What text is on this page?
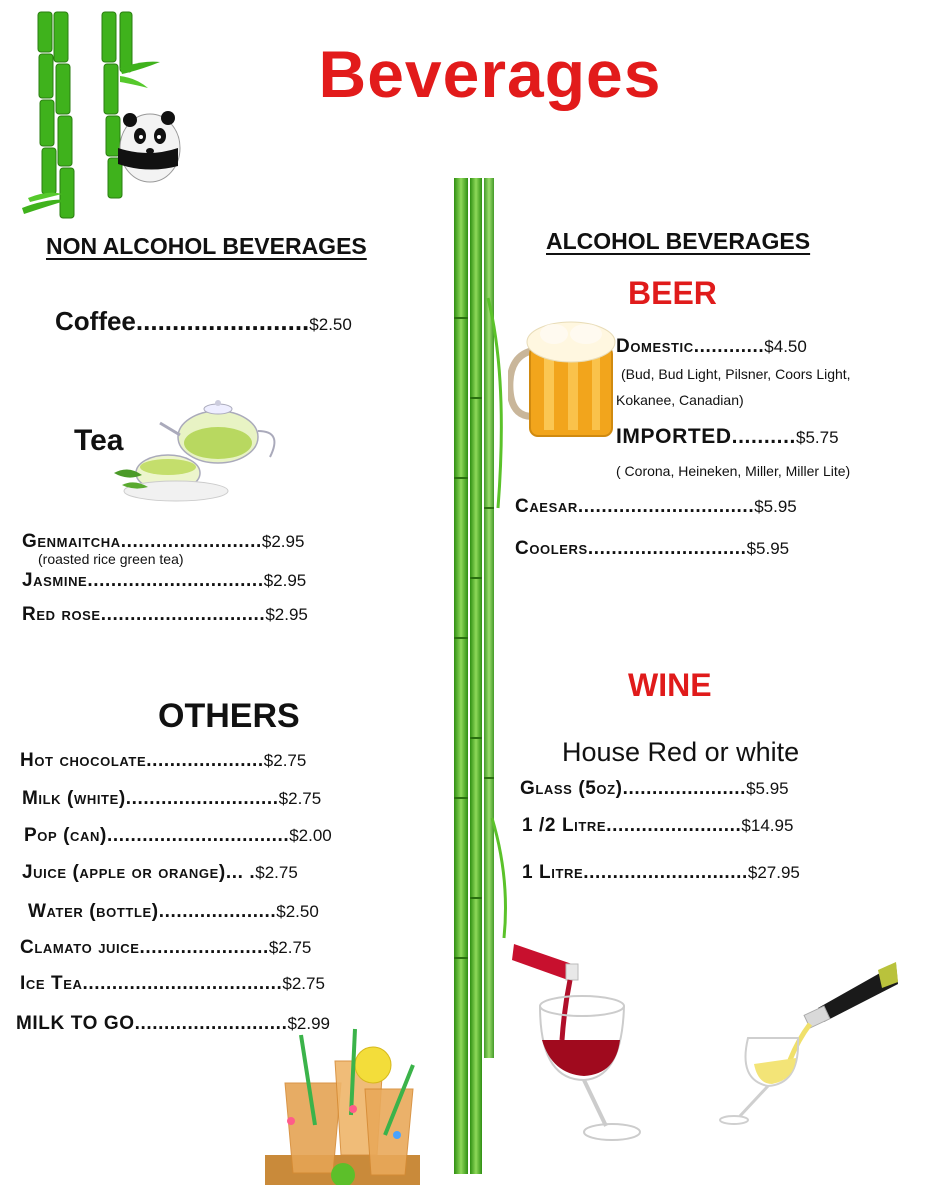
Beverages
NON ALCOHOL BEVERAGES
Coffee........................$2.50
Tea
Genmaitcha........................$2.95
(roasted rice green tea)
Jasmine..............................$2.95
Red rose............................$2.95
OTHERS
Hot chocolate....................$2.75
Milk (white)..........................$2.75
Pop (can)...............................$2.00
Juice (apple or orange)... .$2.75
Water (bottle)....................$2.50
Clamato juice......................$2.75
Ice Tea..................................$2.75
MILK TO GO..........................$2.99
ALCOHOL BEVERAGES
BEER
Domestic............$4.50
(Bud, Bud Light, Pilsner, Coors Light,
Kokanee, Canadian)
IMPORTED..........$5.75
( Corona, Heineken, Miller, Miller Lite)
Caesar..............................$5.95
Coolers...........................$5.95
WINE
House Red or white
Glass (5oz).....................$5.95
1 /2 Litre.......................$14.95
1 Litre............................$27.95
